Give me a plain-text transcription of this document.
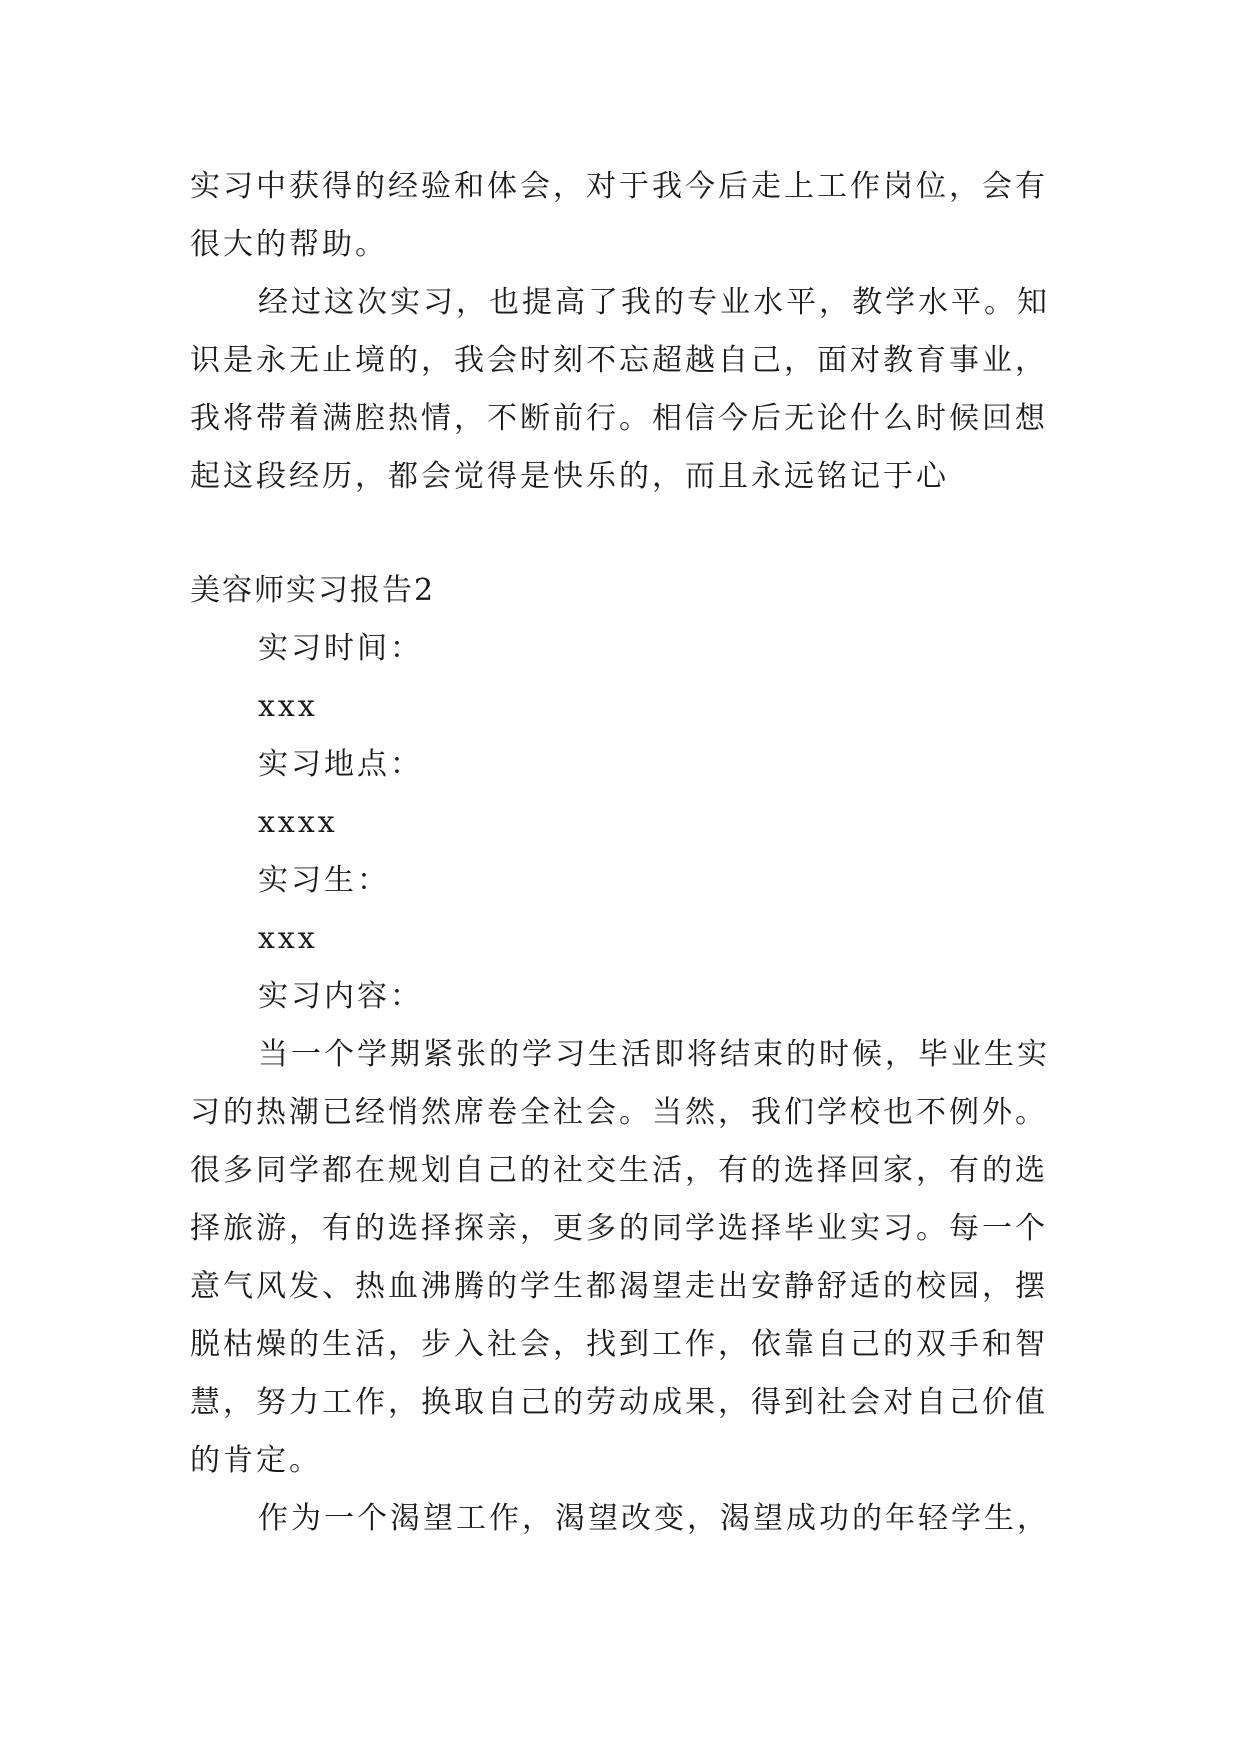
实习中获得的经验和体会，对于我今后走上工作岗位，会有

很大的帮助。

经过这次实习，也提高了我的专业水平，教学水平。知

识是永无止境的，我会时刻不忘超越自己，面对教育事业，

我将带着满腔热情，不断前行。相信今后无论什么时候回想

起这段经历，都会觉得是快乐的，而且永远铭记于心

美容师实习报告2
实习时间：
xxx
实习地点：
xxxx
实习生：
xxx
实习内容：

当一个学期紧张的学习生活即将结束的时候，毕业生实

习的热潮已经悄然席卷全社会。当然，我们学校也不例外。

很多同学都在规划自己的社交生活，有的选择回家，有的选

择旅游，有的选择探亲，更多的同学选择毕业实习。每一个

意气风发、热血沸腾的学生都渴望走出安静舒适的校园，摆

脱枯燥的生活，步入社会，找到工作，依靠自己的双手和智

慧，努力工作，换取自己的劳动成果，得到社会对自己价值

的肯定。

作为一个渴望工作，渴望改变，渴望成功的年轻学生，
